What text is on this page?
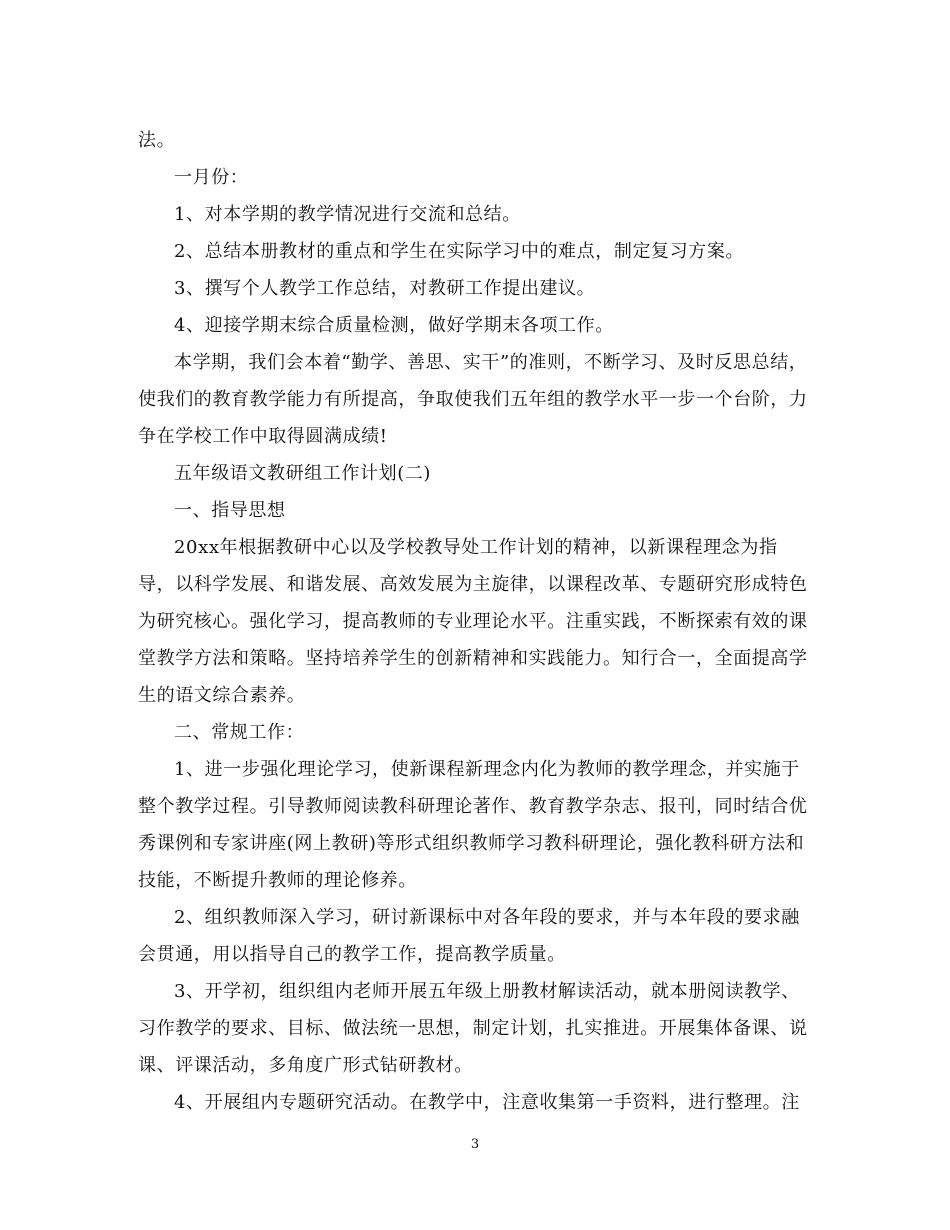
法。

一月份：

1、对本学期的教学情况进行交流和总结。

2、总结本册教材的重点和学生在实际学习中的难点，制定复习方案。

3、撰写个人教学工作总结，对教研工作提出建议。

4、迎接学期末综合质量检测，做好学期末各项工作。

本学期，我们会本着“勤学、善思、实干”的准则，不断学习、及时反思总结，

使我们的教育教学能力有所提高，争取使我们五年组的教学水平一步一个台阶，力

争在学校工作中取得圆满成绩!

五年级语文教研组工作计划(二)

一、指导思想

20xx年根据教研中心以及学校教导处工作计划的精神，以新课程理念为指

导，以科学发展、和谐发展、高效发展为主旋律，以课程改革、专题研究形成特色

为研究核心。强化学习，提高教师的专业理论水平。注重实践，不断探索有效的课

堂教学方法和策略。坚持培养学生的创新精神和实践能力。知行合一，全面提高学

生的语文综合素养。

二、常规工作：

1、进一步强化理论学习，使新课程新理念内化为教师的教学理念，并实施于

整个教学过程。引导教师阅读教科研理论著作、教育教学杂志、报刊，同时结合优

秀课例和专家讲座(网上教研)等形式组织教师学习教科研理论，强化教科研方法和

技能，不断提升教师的理论修养。

2、组织教师深入学习，研讨新课标中对各年段的要求，并与本年段的要求融

会贯通，用以指导自己的教学工作，提高教学质量。

3、开学初，组织组内老师开展五年级上册教材解读活动，就本册阅读教学、

习作教学的要求、目标、做法统一思想，制定计划，扎实推进。开展集体备课、说

课、评课活动，多角度广形式钻研教材。

4、开展组内专题研究活动。在教学中，注意收集第一手资料，进行整理。注

3
